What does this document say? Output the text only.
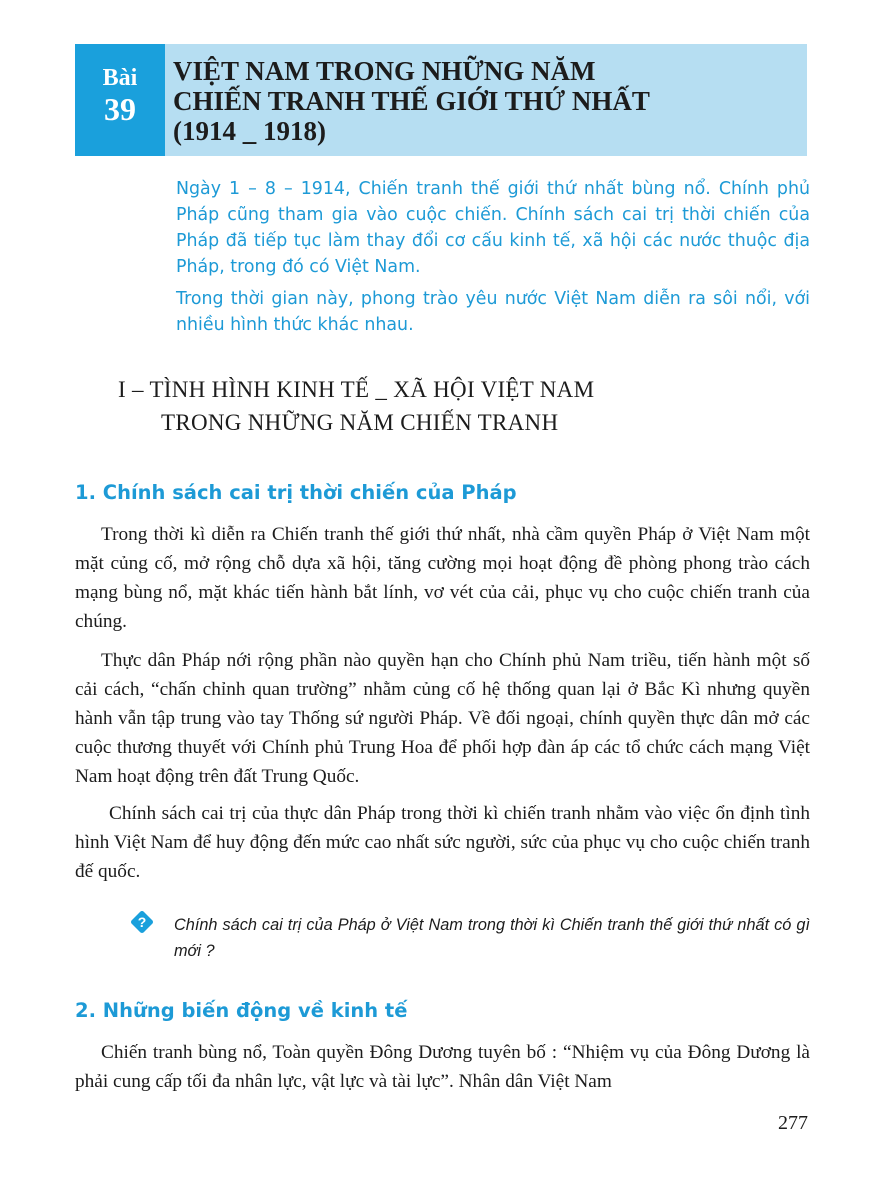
Bài
39
VIỆT NAM TRONG NHỮNG NĂM
CHIẾN TRANH THẾ GIỚI THỨ NHẤT
(1914 _ 1918)

Ngày 1 – 8 – 1914, Chiến tranh thế giới thứ nhất bùng nổ. Chính phủ Pháp cũng tham gia vào cuộc chiến. Chính sách cai trị thời chiến của Pháp đã tiếp tục làm thay đổi cơ cấu kinh tế, xã hội các nước thuộc địa Pháp, trong đó có Việt Nam.

Trong thời gian này, phong trào yêu nước Việt Nam diễn ra sôi nổi, với nhiều hình thức khác nhau.

I – TÌNH HÌNH KINH TẾ _ XÃ HỘI VIỆT NAM
TRONG NHỮNG NĂM CHIẾN TRANH
1. Chính sách cai trị thời chiến của Pháp

Trong thời kì diễn ra Chiến tranh thế giới thứ nhất, nhà cầm quyền Pháp ở Việt Nam một mặt củng cố, mở rộng chỗ dựa xã hội, tăng cường mọi hoạt động đề phòng phong trào cách mạng bùng nổ, mặt khác tiến hành bắt lính, vơ vét của cải, phục vụ cho cuộc chiến tranh của chúng.

Thực dân Pháp nới rộng phần nào quyền hạn cho Chính phủ Nam triều, tiến hành một số cải cách, “chấn chỉnh quan trường” nhằm củng cố hệ thống quan lại ở Bắc Kì nhưng quyền hành vẫn tập trung vào tay Thống sứ người Pháp. Về đối ngoại, chính quyền thực dân mở các cuộc thương thuyết với Chính phủ Trung Hoa để phối hợp đàn áp các tổ chức cách mạng Việt Nam hoạt động trên đất Trung Quốc.

Chính sách cai trị của thực dân Pháp trong thời kì chiến tranh nhằm vào việc ổn định tình hình Việt Nam để huy động đến mức cao nhất sức người, sức của phục vụ cho cuộc chiến tranh đế quốc.

? Chính sách cai trị của Pháp ở Việt Nam trong thời kì Chiến tranh thế giới thứ nhất có gì mới ?
2. Những biến động về kinh tế

Chiến tranh bùng nổ, Toàn quyền Đông Dương tuyên bố : “Nhiệm vụ của Đông Dương là phải cung cấp tối đa nhân lực, vật lực và tài lực”. Nhân dân Việt Nam

277
